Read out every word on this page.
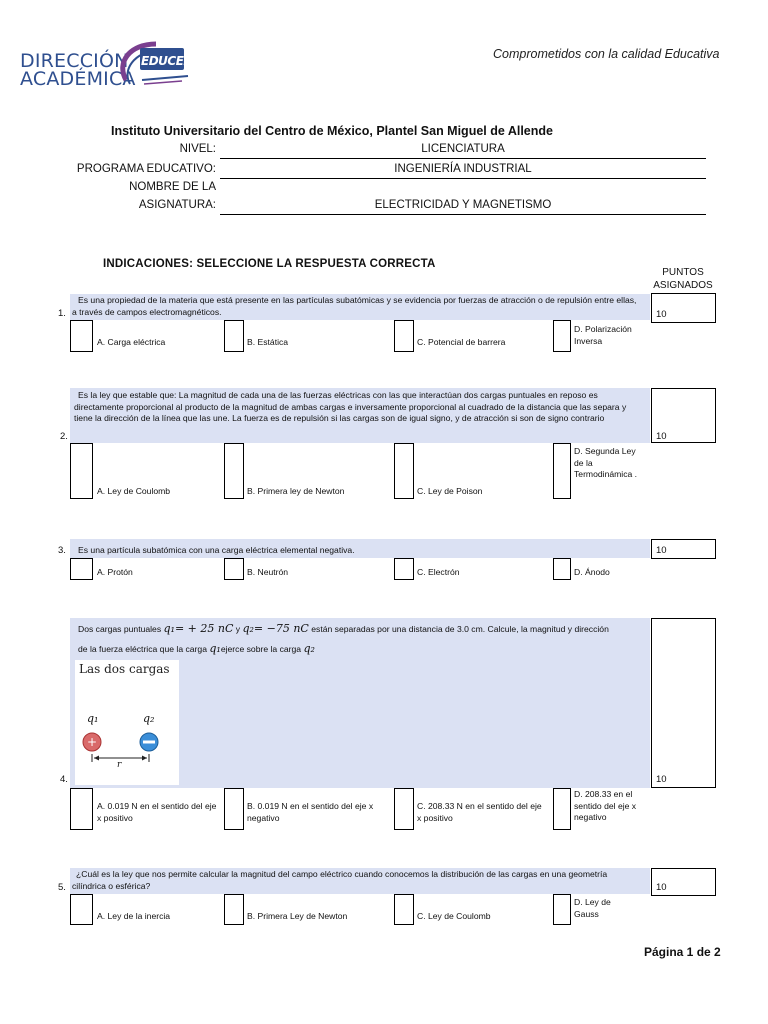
DIRECCIÓN
ACADÉMICA
EDUCEM	Comprometidos con la calidad Educativa
Instituto Universitario del Centro de México, Plantel San Miguel de Allende
NIVEL:	LICENCIATURA
PROGRAMA EDUCATIVO:	INGENIERÍA INDUSTRIAL
NOMBRE DE LA
ASIGNATURA:	ELECTRICIDAD Y MAGNETISMO
INDICACIONES: SELECCIONE LA RESPUESTA CORRECTA
PUNTOS
ASIGNADOS
Es una propiedad de la materia que está presente en las partículas subatómicas y se evidencia por fuerzas de atracción o de repulsión entre ellas, a través de campos electromagnéticos.
1.	10
A. Carga eléctrica	B. Estática	C. Potencial de barrera
D. Polarización Inversa
Es la ley que estable que: La magnitud de cada una de las fuerzas eléctricas con las que interactúan dos cargas puntuales en reposo es directamente proporcional al producto de la magnitud de ambas cargas e inversamente proporcional al cuadrado de la distancia que las separa y tiene la dirección de la línea que las une. La fuerza es de repulsión si las cargas son de igual signo, y de atracción si son de signo contrario
2.	10
A. Ley de Coulomb	B. Primera ley de Newton	C. Ley de Poison
D. Segunda Ley de la Termodinámica .
Es una partícula subatómica con una carga eléctrica elemental negativa.
3.	10
A. Protón	B. Neutrón	C. Electrón	D. Ánodo
Dos cargas puntuales q₁= + 25 nC y q₂= −75 nC están separadas por una distancia de 3.0 cm. Calcule, la magnitud y dirección
de la fuerza eléctrica que la carga q₁ejerce sobre la carga q₂
Las dos cargas
q₁	q₂
+
r
4.	10
A. 0.019 N en el sentido del eje x positivo
B. 0.019 N en el sentido del eje x negativo
C. 208.33 N en el sentido del eje x positivo
D. 208.33 en el sentido del eje x negativo
¿Cuál es la ley que nos permite calcular la magnitud del campo eléctrico cuando conocemos la distribución de las cargas en una geometría cilíndrica o esférica?
5.	10
A. Ley de la inercia	B. Primera Ley de Newton	C. Ley de Coulomb
D. Ley de Gauss
Página 1 de 2
